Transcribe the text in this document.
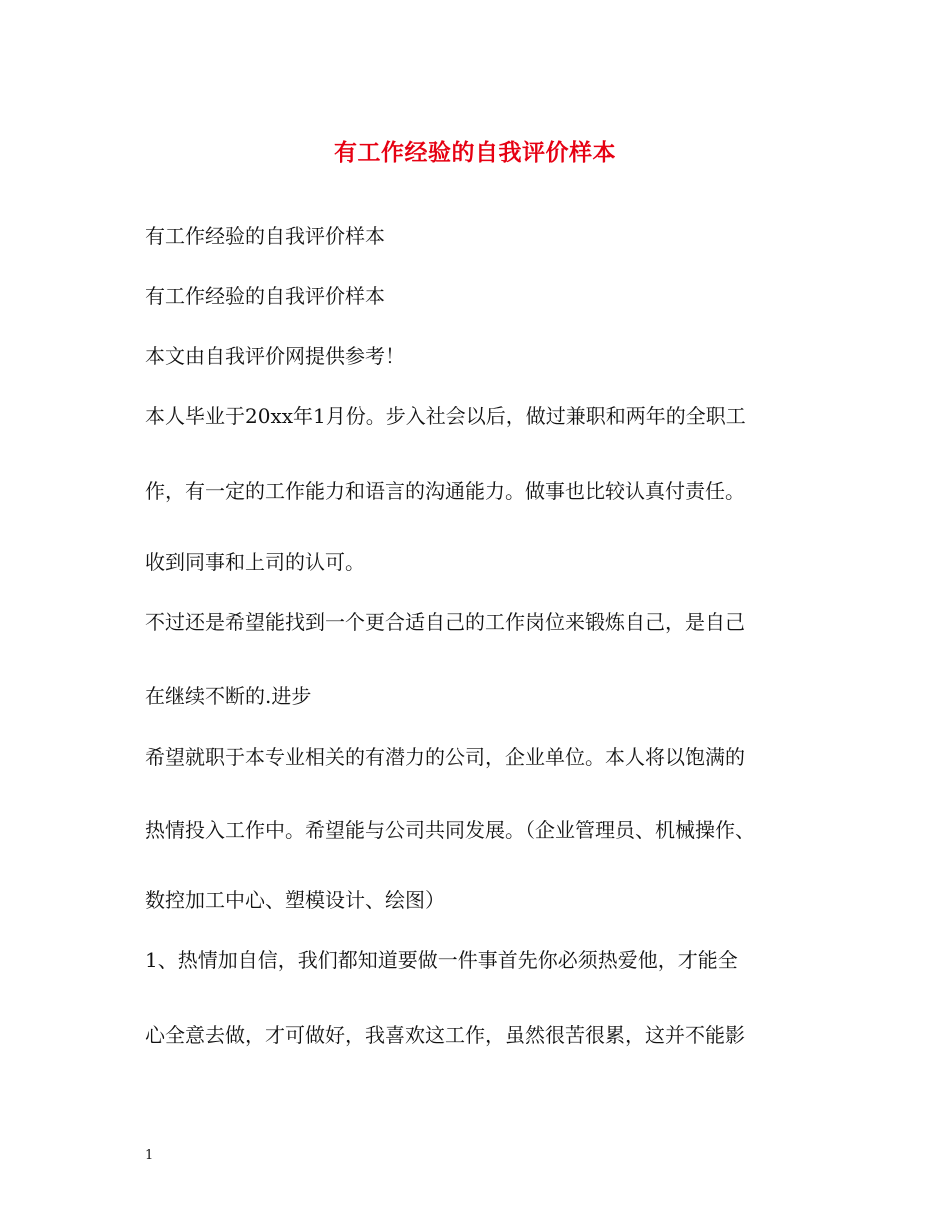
有工作经验的自我评价样本

有工作经验的自我评价样本

有工作经验的自我评价样本

本文由自我评价网提供参考！

本人毕业于20xx年1月份。步入社会以后，做过兼职和两年的全职工

作，有一定的工作能力和语言的沟通能力。做事也比较认真付责任。

收到同事和上司的认可。

不过还是希望能找到一个更合适自己的工作岗位来锻炼自己，是自己

在继续不断的.进步

希望就职于本专业相关的有潜力的公司，企业单位。本人将以饱满的

热情投入工作中。希望能与公司共同发展。（企业管理员、机械操作、

数控加工中心、塑模设计、绘图）

1、热情加自信，我们都知道要做一件事首先你必须热爱他，才能全

心全意去做，才可做好，我喜欢这工作，虽然很苦很累，这并不能影

1
